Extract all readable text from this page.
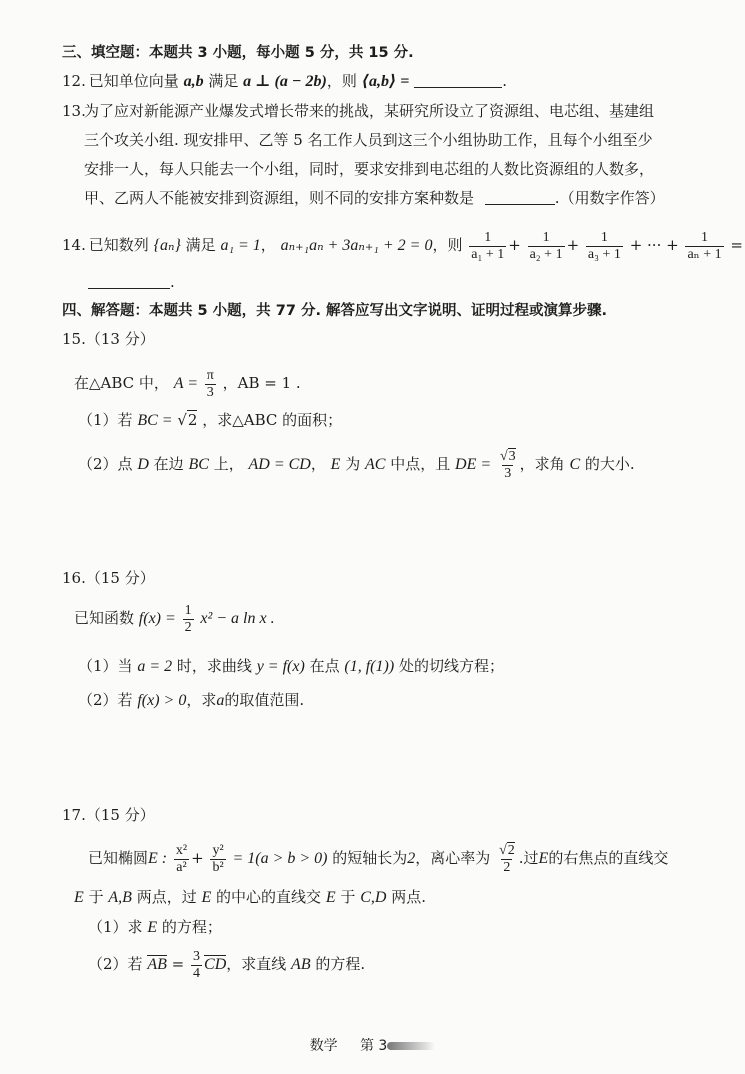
三、填空题：本题共 3 小题，每小题 5 分，共 15 分.
12. 已知单位向量 a,b 满足 a ⊥ (a − 2b)，则 ⟨a,b⟩ =	.
13.为了应对新能源产业爆发式增长带来的挑战，某研究所设立了资源组、电芯组、基建组
三个攻关小组. 现安排甲、乙等 5 名工作人员到这三个小组协助工作，且每个小组至少
安排一人，每人只能去一个小组，同时，要求安排到电芯组的人数比资源组的人数多，
甲、乙两人不能被安排到资源组，则不同的安排方案种数是	.（用数字作答）
14. 已知数列 {aₙ} 满足 a₁ = 1， aₙ₊₁aₙ + 3aₙ₊₁ + 2 = 0，则 $\frac{1}{\text{a₁ + 1}} + \frac{1}{\text{a₂ + 1}} + \frac{1}{\text{a₃ + 1}}$ + ··· + $\frac{1}{\text{aₙ + 1}}$ =
.
四、解答题：本题共 5 小题，共 77 分. 解答应写出文字说明、证明过程或演算步骤.
15.（13 分）
在△ABC 中， $A = \frac{\pi}{3}$ ，AB = 1 .
（1）若 BC = √2 ，求△ABC 的面积；
（2）点 D 在边 BC 上， AD = CD， E 为 AC 中点，且 DE = $\frac{√3}{3}$ ，求角 C 的大小.
16.（15 分）
已知函数 $f(x) = \frac{1}{2} x^2 - a$ ln x .
（1）当 a = 2 时，求曲线 y = f(x) 在点 (1, f(1)) 处的切线方程；
（2）若 f(x) > 0，求a的取值范围.
17.（15 分）
已知椭圆E : $\frac{\text{x²}}{\text{a²}} + \frac{\text{y²}}{\text{b²}} = 1(a > b > 0)$ 的短轴长为2，离心率为 $\frac{√2}{2}$ .过E的右焦点的直线交
E 于 A,B 两点，过 E 的中心的直线交 E 于 C,D 两点.
（1）求 E 的方程；
（2）若 AB = $\frac{3}{4}$ CD，求直线 AB 的方程.
数学 第 3
